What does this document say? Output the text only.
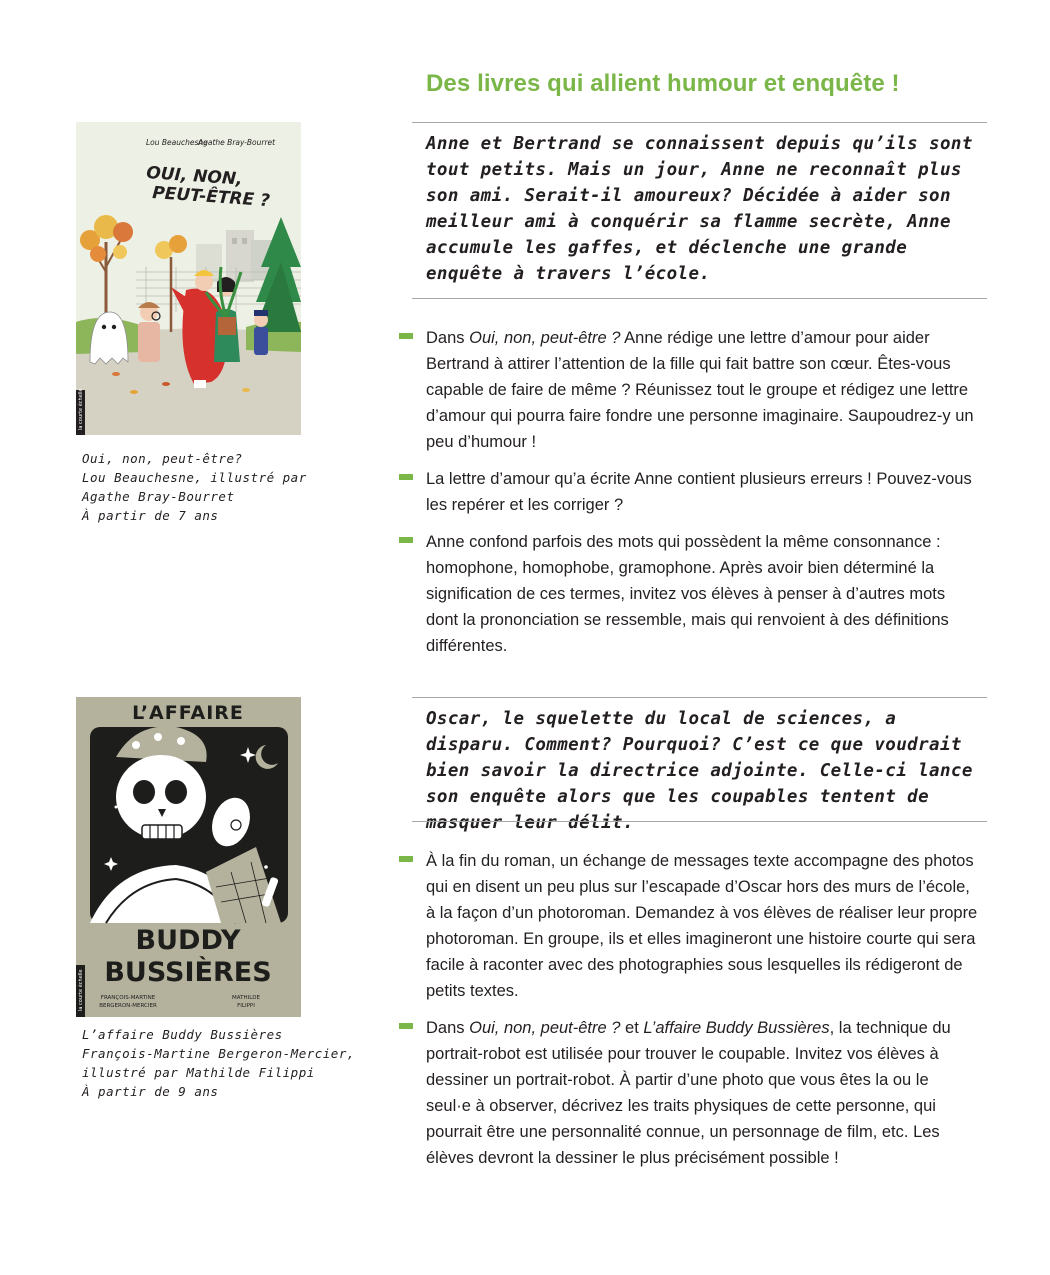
Des livres qui allient humour et enquête !
la courte échelle
Lou Beauchesne
Agathe Bray-Bourret
OUI, NON,
PEUT-ÊTRE ?
Oui, non, peut-être?
Lou Beauchesne, illustré par
Agathe Bray-Bourret
À partir de 7 ans

Anne et Bertrand se connaissent depuis qu’ils sont tout petits. Mais un jour, Anne ne reconnaît plus son ami. Serait-il amoureux? Décidée à aider son meilleur ami à conquérir sa flamme secrète, Anne accumule les gaffes, et déclenche une grande enquête à travers l’école.

Dans Oui, non, peut-être ? Anne rédige une lettre d’amour pour aider Bertrand à attirer l’attention de la fille qui fait battre son cœur. Êtes-vous capable de faire de même ? Réunissez tout le groupe et rédigez une lettre d’amour qui pourra faire fondre une personne imaginaire. Saupoudrez-y un peu d’humour !
La lettre d’amour qu’a écrite Anne contient plusieurs erreurs ! Pouvez-vous les repérer et les corriger ?
Anne confond parfois des mots qui possèdent la même consonnance : homophone, homophobe, gramophone. Après avoir bien déterminé la signification de ces termes, invitez vos élèves à penser à d’autres mots dont la prononciation se ressemble, mais qui renvoient à des définitions différentes.
L’AFFAIRE
BUDDY
BUSSIÈRES
FRANÇOIS-MARTINE
BERGERON-MERCIER
MATHILDE
FILIPPI
la courte échelle
L’affaire Buddy Bussières
François-Martine Bergeron-Mercier,
illustré par Mathilde Filippi
À partir de 9 ans

Oscar, le squelette du local de sciences, a disparu. Comment? Pourquoi? C’est ce que voudrait bien savoir la directrice adjointe. Celle-ci lance son enquête alors que les coupables tentent de masquer leur délit.

À la fin du roman, un échange de messages texte accompagne des photos qui en disent un peu plus sur l’escapade d’Oscar hors des murs de l’école, à la façon d’un photoroman. Demandez à vos élèves de réaliser leur propre photoroman. En groupe, ils et elles imagineront une histoire courte qui sera facile à raconter avec des photographies sous lesquelles ils rédigeront de petits textes.
Dans Oui, non, peut-être ? et L’affaire Buddy Bussières, la technique du portrait-robot est utilisée pour trouver le coupable. Invitez vos élèves à dessiner un portrait-robot. À partir d’une photo que vous êtes la ou le seul·e à observer, décrivez les traits physiques de cette personne, qui pourrait être une personnalité connue, un personnage de film, etc. Les élèves devront la dessiner le plus précisément possible !
